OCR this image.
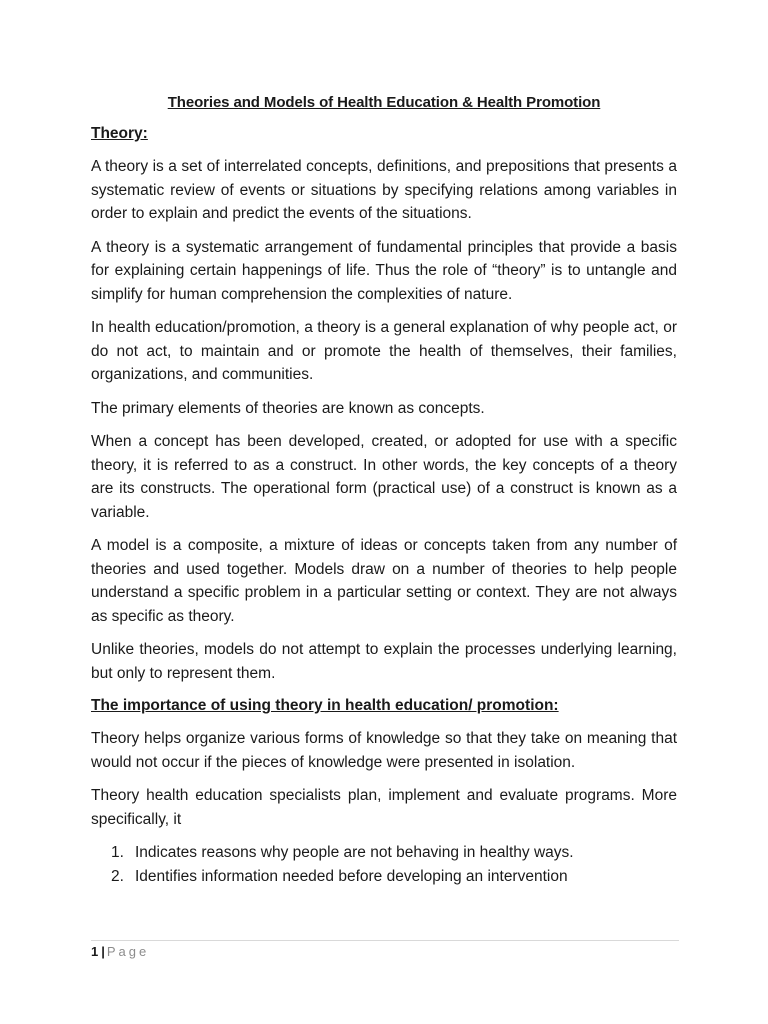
Theories and Models of Health Education & Health Promotion
Theory:

A theory is a set of interrelated concepts, definitions, and prepositions that presents a systematic review of events or situations by specifying relations among variables in order to explain and predict the events of the situations.

A theory is a systematic arrangement of fundamental principles that provide a basis for explaining certain happenings of life. Thus the role of “theory” is to untangle and simplify for human comprehension the complexities of nature.

In health education/promotion, a theory is a general explanation of why people act, or do not act, to maintain and or promote the health of themselves, their families, organizations, and communities.

The primary elements of theories are known as concepts.

When a concept has been developed, created, or adopted for use with a specific theory, it is referred to as a construct. In other words, the key concepts of a theory are its constructs. The operational form (practical use) of a construct is known as a variable.

A model is a composite, a mixture of ideas or concepts taken from any number of theories and used together. Models draw on a number of theories to help people understand a specific problem in a particular setting or context. They are not always as specific as theory.

Unlike theories, models do not attempt to explain the processes underlying learning, but only to represent them.

The importance of using theory in health education/ promotion:

Theory helps organize various forms of knowledge so that they take on meaning that would not occur if the pieces of knowledge were presented in isolation.

Theory health education specialists plan, implement and evaluate programs. More specifically, it

1. Indicates reasons why people are not behaving in healthy ways.
2. Identifies information needed before developing an intervention
1 | Page
